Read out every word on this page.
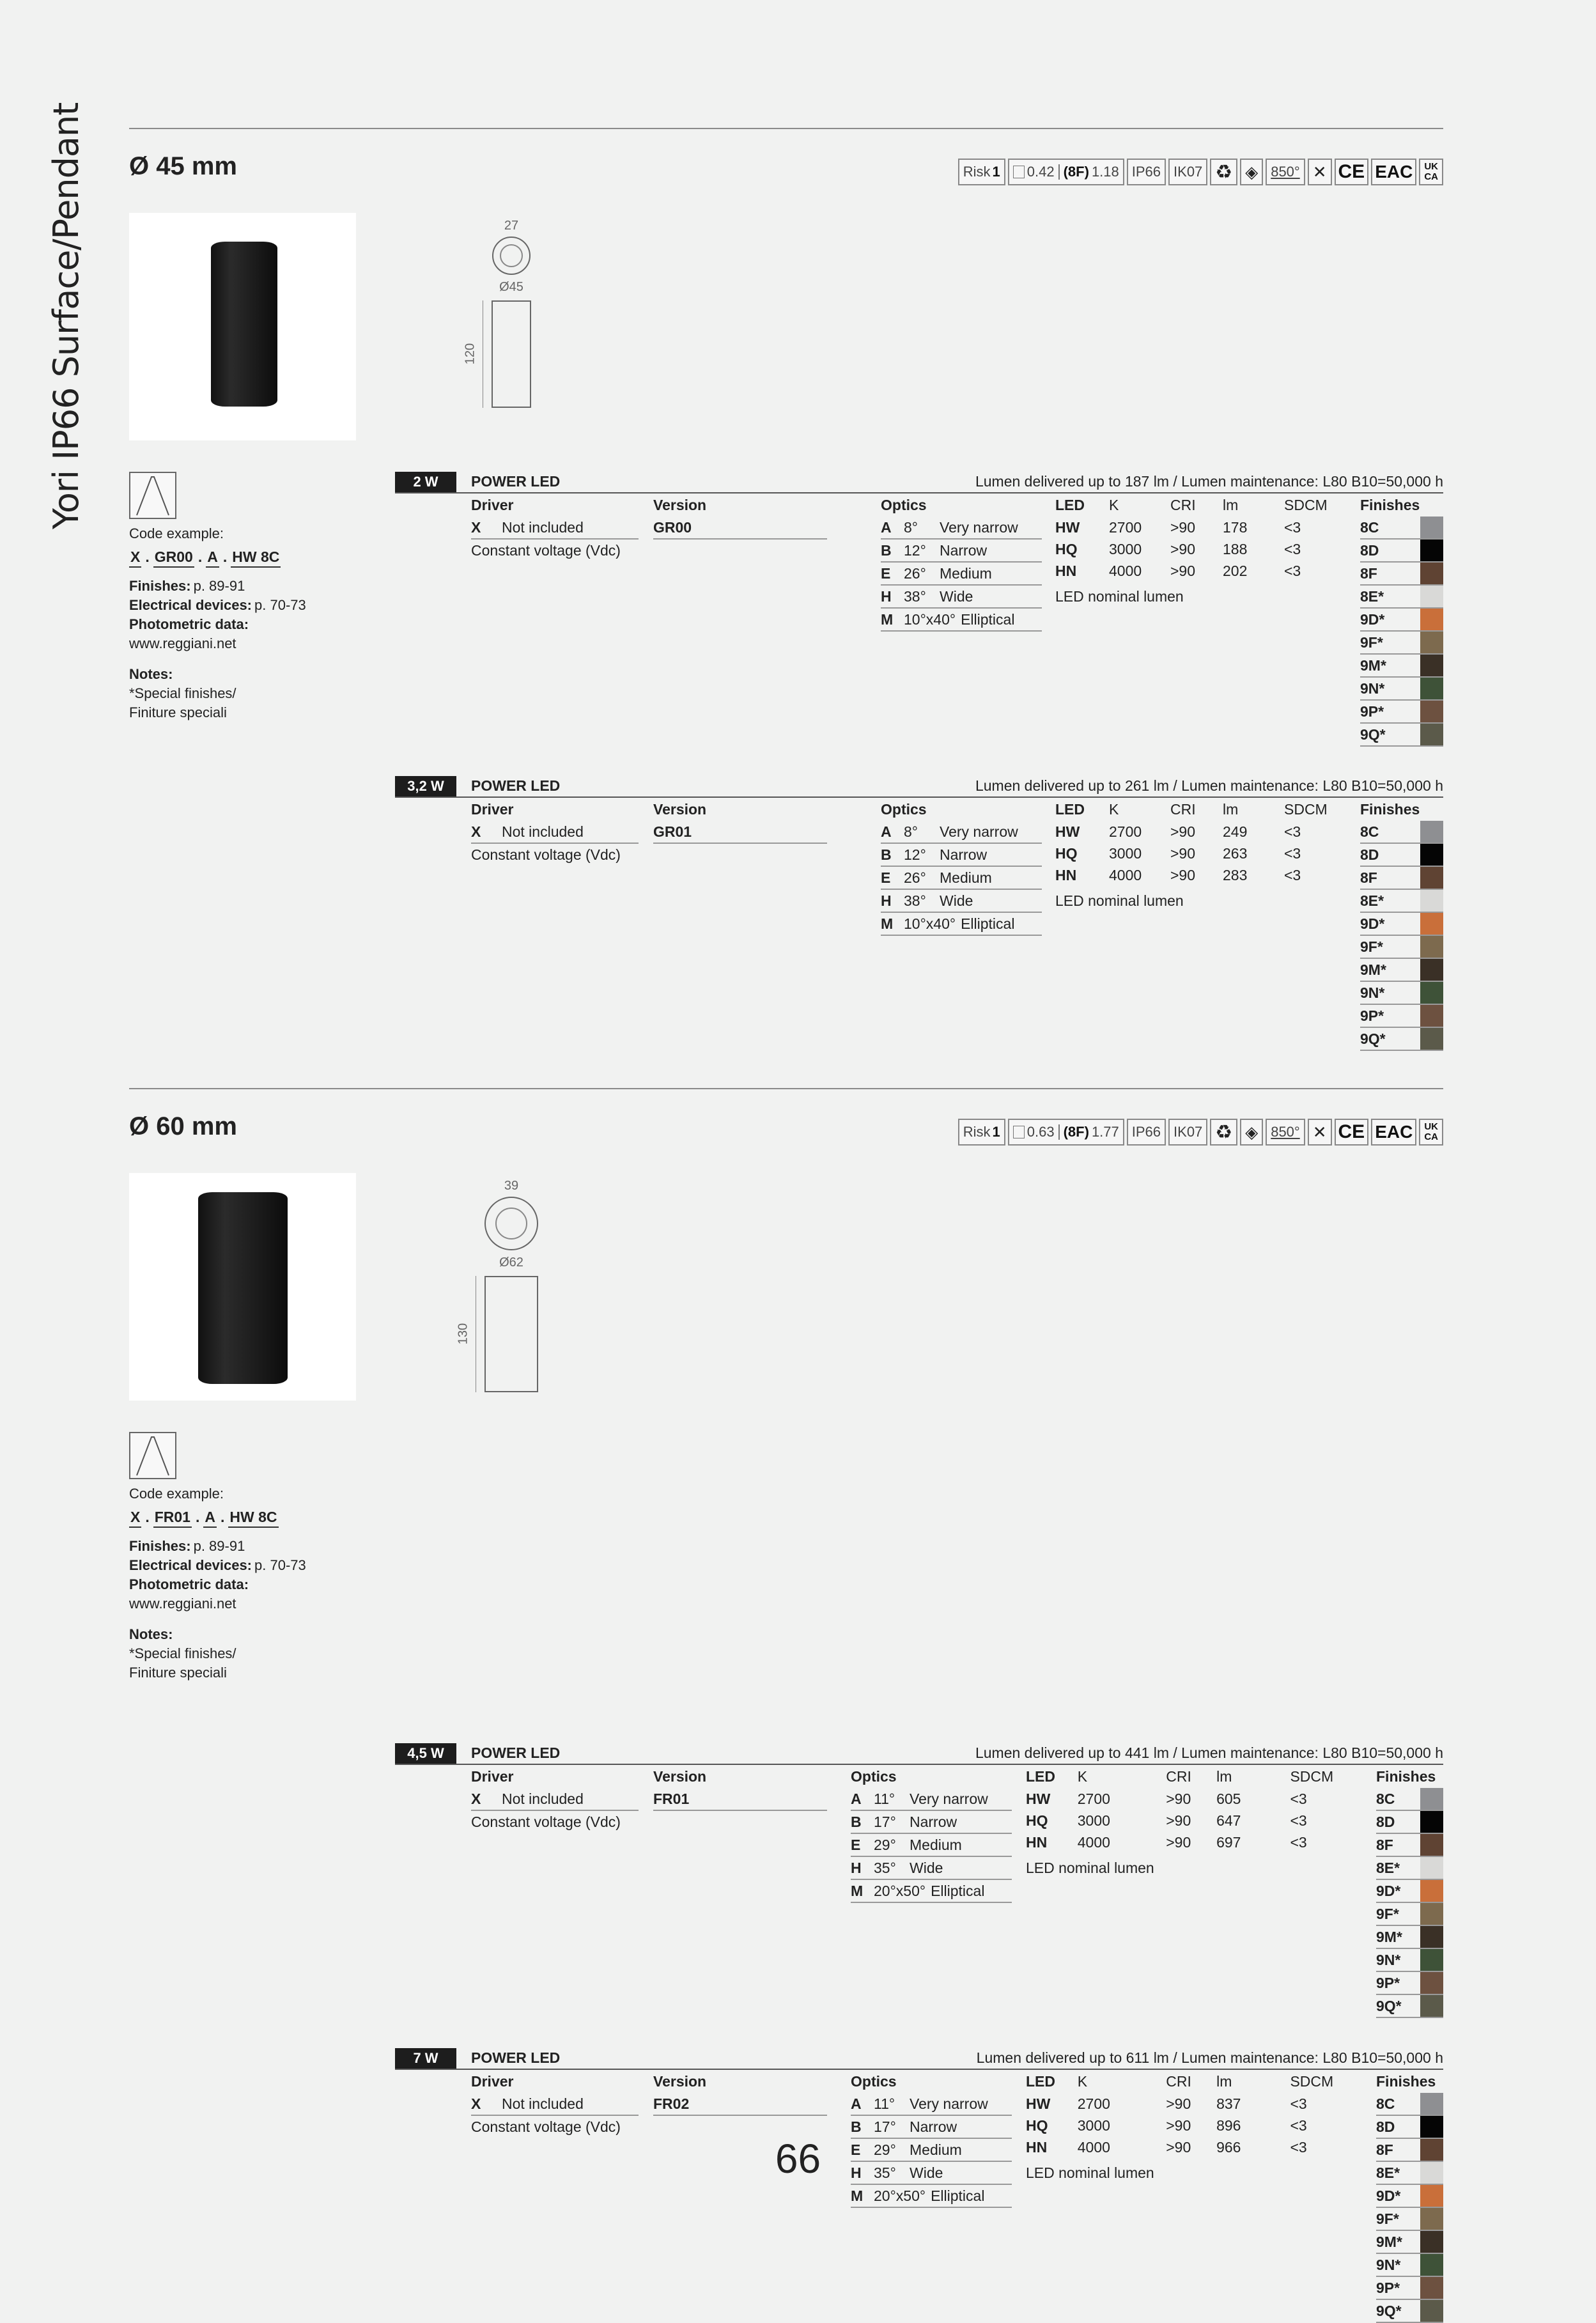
Yori IP66 Surface/Pendant Ø 45 mm	Risk 1 0.42 (8F) 1.18 IP66 IK07 ♻ ◈ 850° ✕ CE EAC	UK
CA
27
Ø45
120
Code example:
X . GR00 . A . HW 8C
Finishes: p. 89-91
Electrical devices: p. 70-73
Photometric data:
www.reggiani.net
Notes:
*Special finishes/
Finiture speciali
2 W	POWER LED	Lumen delivered up to 187 lm / Lumen maintenance: L80 B10=50,000 h
Driver
X Not included
Constant voltage (Vdc)
Version
GR00
Optics
A 8° Very narrow
B 12° Narrow
E 26° Medium
H 38° Wide
M 10°x40° Elliptical
LED	K	CRI	lm	SDCM
HW	2700	>90	178	<3
HQ	3000	>90	188	<3
HN	4000	>90	202	<3
LED nominal lumen
Finishes
8C
8D
8F
8E*
9D*
9F*
9M*
9N*
9P*
9Q*
3,2 W	POWER LED	Lumen delivered up to 261 lm / Lumen maintenance: L80 B10=50,000 h
Driver
X Not included
Constant voltage (Vdc)
Version
GR01
Optics
A 8° Very narrow
B 12° Narrow
E 26° Medium
H 38° Wide
M 10°x40° Elliptical
LED	K	CRI	lm	SDCM
HW	2700	>90	249	<3
HQ	3000	>90	263	<3
HN	4000	>90	283	<3
LED nominal lumen
Finishes
8C
8D
8F
8E*
9D*
9F*
9M*
9N*
9P*
9Q*
Ø 60 mm	Risk 1 0.63 (8F) 1.77 IP66 IK07 ♻ ◈ 850° ✕ CE EAC	UK
CA
39
Ø62
130
Code example:
X . FR01 . A . HW 8C
Finishes: p. 89-91
Electrical devices: p. 70-73
Photometric data:
www.reggiani.net
Notes:
*Special finishes/
Finiture speciali
4,5 W	POWER LED	Lumen delivered up to 441 lm / Lumen maintenance: L80 B10=50,000 h
Driver
X Not included
Constant voltage (Vdc)
Version
FR01
Optics
A 11° Very narrow
B 17° Narrow
E 29° Medium
H 35° Wide
M 20°x50° Elliptical
LED	K	CRI	lm	SDCM
HW	2700	>90	605	<3
HQ	3000	>90	647	<3
HN	4000	>90	697	<3
LED nominal lumen
Finishes
8C
8D
8F
8E*
9D*
9F*
9M*
9N*
9P*
9Q*
7 W	POWER LED	Lumen delivered up to 611 lm / Lumen maintenance: L80 B10=50,000 h
Driver
X Not included
Constant voltage (Vdc)
Version
FR02
Optics
A 11° Very narrow
B 17° Narrow
E 29° Medium
H 35° Wide
M 20°x50° Elliptical
LED	K	CRI	lm	SDCM
HW	2700	>90	837	<3
HQ	3000	>90	896	<3
HN	4000	>90	966	<3
LED nominal lumen
Finishes
8C
8D
8F
8E*
9D*
9F*
9M*
9N*
9P*
9Q*
66
